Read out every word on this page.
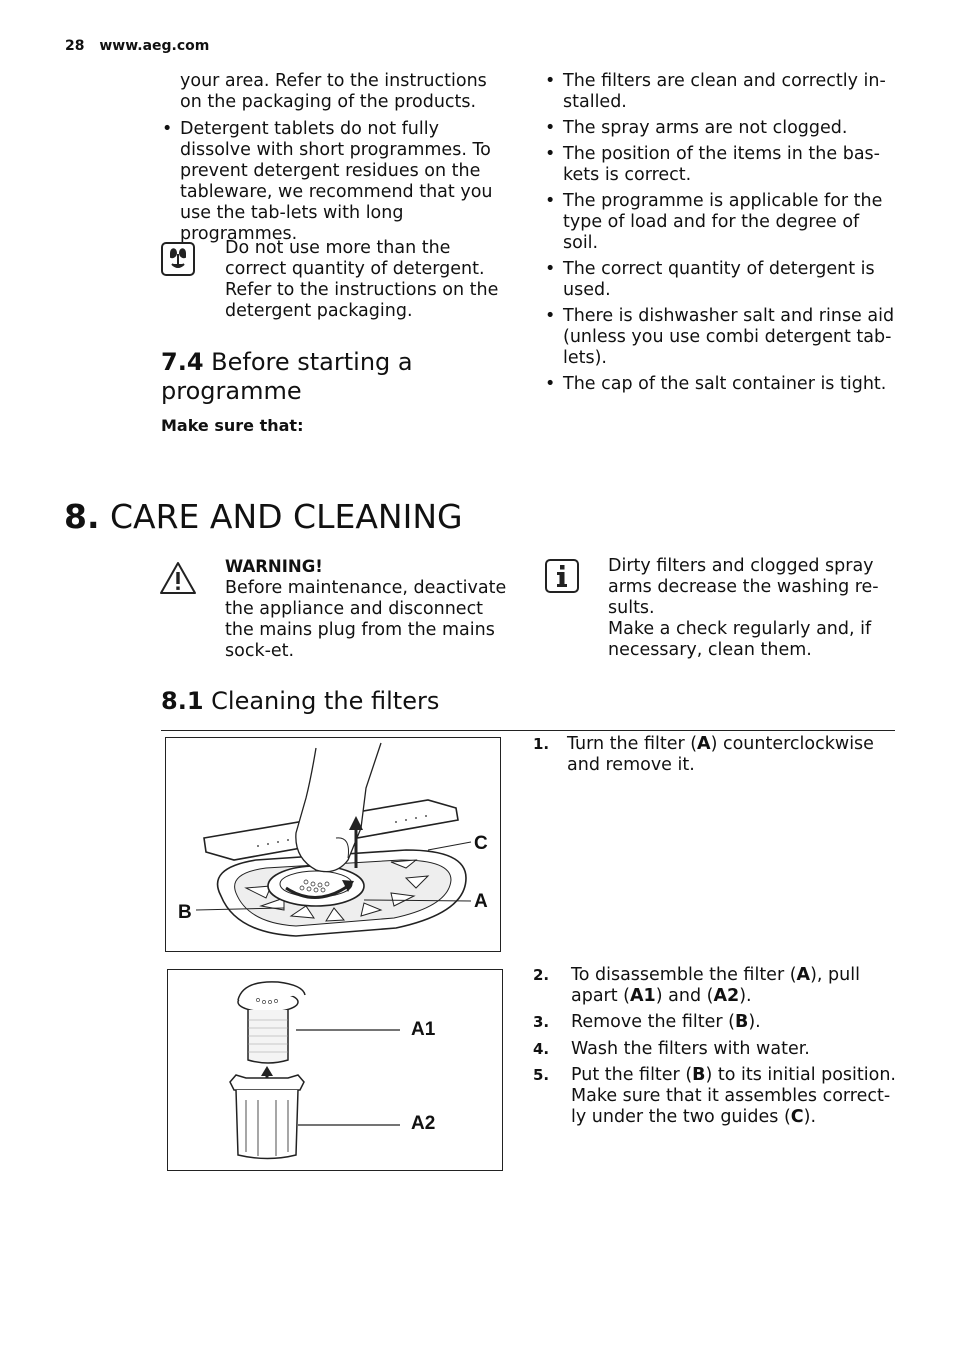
28 www.aeg.com
your area. Refer to the instructions on the packaging of the products.
• Detergent tablets do not fully dissolve with short programmes. To prevent detergent residues on the tableware, we recommend that you use the tab-lets with long programmes.
Do not use more than the correct quantity of detergent. Refer to the instructions on the detergent packaging.
7.4 Before starting a programme
Make sure that:
• The filters are clean and correctly in-stalled.
• The spray arms are not clogged.
• The position of the items in the bas-kets is correct.
• The programme is applicable for the type of load and for the degree of soil.
• The correct quantity of detergent is used.
• There is dishwasher salt and rinse aid (unless you use combi detergent tab-lets).
• The cap of the salt container is tight.
8. CARE AND CLEANING
WARNING!
Before maintenance, deactivate the appliance and disconnect the mains plug from the mains sock-et.
Dirty filters and clogged spray arms decrease the washing re-sults.
Make a check regularly and, if necessary, clean them.
8.1 Cleaning the filters
C
A
B
A1
A2
1.	Turn the filter (A) counterclockwise and remove it.
2.	To disassemble the filter (A), pull apart (A1) and (A2).
3.	Remove the filter (B).
4.	Wash the filters with water.
5.	Put the filter (B) to its initial position. Make sure that it assembles correct-ly under the two guides (C).
